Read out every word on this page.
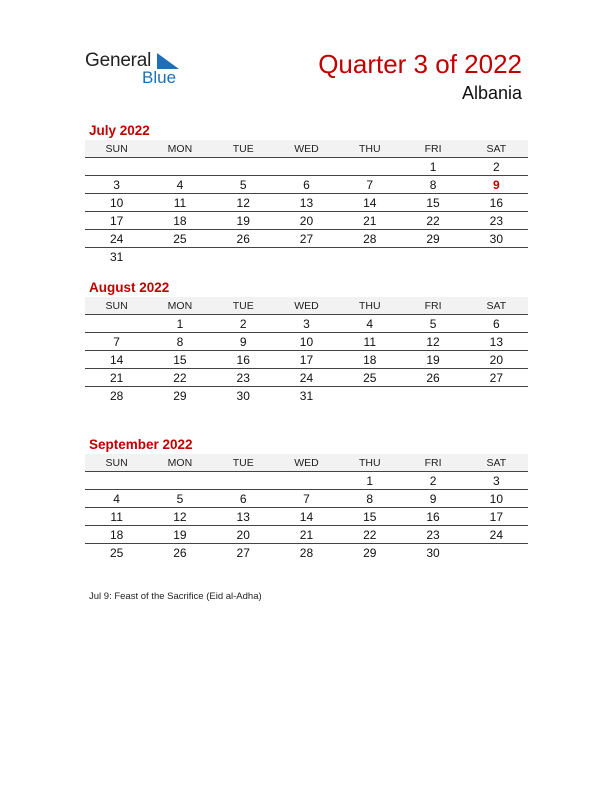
General
Blue	Quarter 3 of 2022
Albania
July 2022
SUN	MON	TUE	WED	THU	FRI	SAT
					1	2
3	4	5	6	7	8	9
10	11	12	13	14	15	16
17	18	19	20	21	22	23
24	25	26	27	28	29	30
31						
August 2022
SUN	MON	TUE	WED	THU	FRI	SAT
	1	2	3	4	5	6
7	8	9	10	11	12	13
14	15	16	17	18	19	20
21	22	23	24	25	26	27
28	29	30	31			
September 2022
SUN	MON	TUE	WED	THU	FRI	SAT
				1	2	3
4	5	6	7	8	9	10
11	12	13	14	15	16	17
18	19	20	21	22	23	24
25	26	27	28	29	30	
Jul 9: Feast of the Sacrifice (Eid al-Adha)
